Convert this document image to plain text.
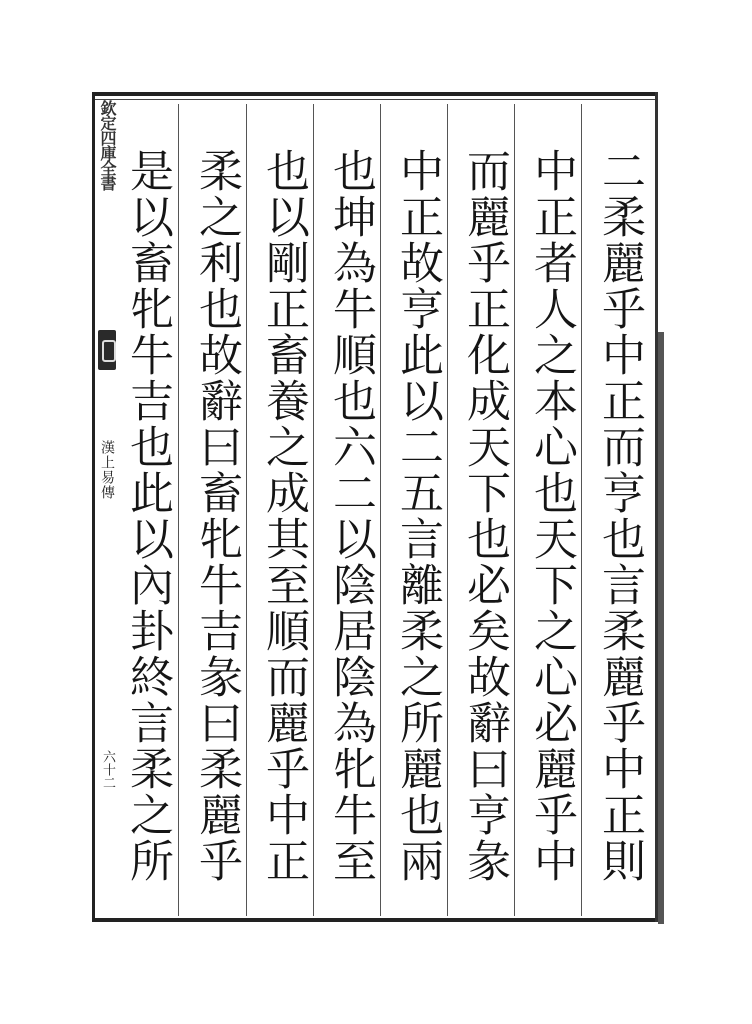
欽定四庫全書
漢上易傳
六十二
二柔麗乎中正而亨也言柔麗乎中正則
中正者人之本心也天下之心必麗乎中
而麗乎正化成天下也必矣故辭曰亨彖
中正故亨此以二五言離柔之所麗也兩
也坤為牛順也六二以陰居陰為牝牛至
也以剛正畜養之成其至順而麗乎中正
柔之利也故辭曰畜牝牛吉彖曰柔麗乎
是以畜牝牛吉也此以內卦終言柔之所
